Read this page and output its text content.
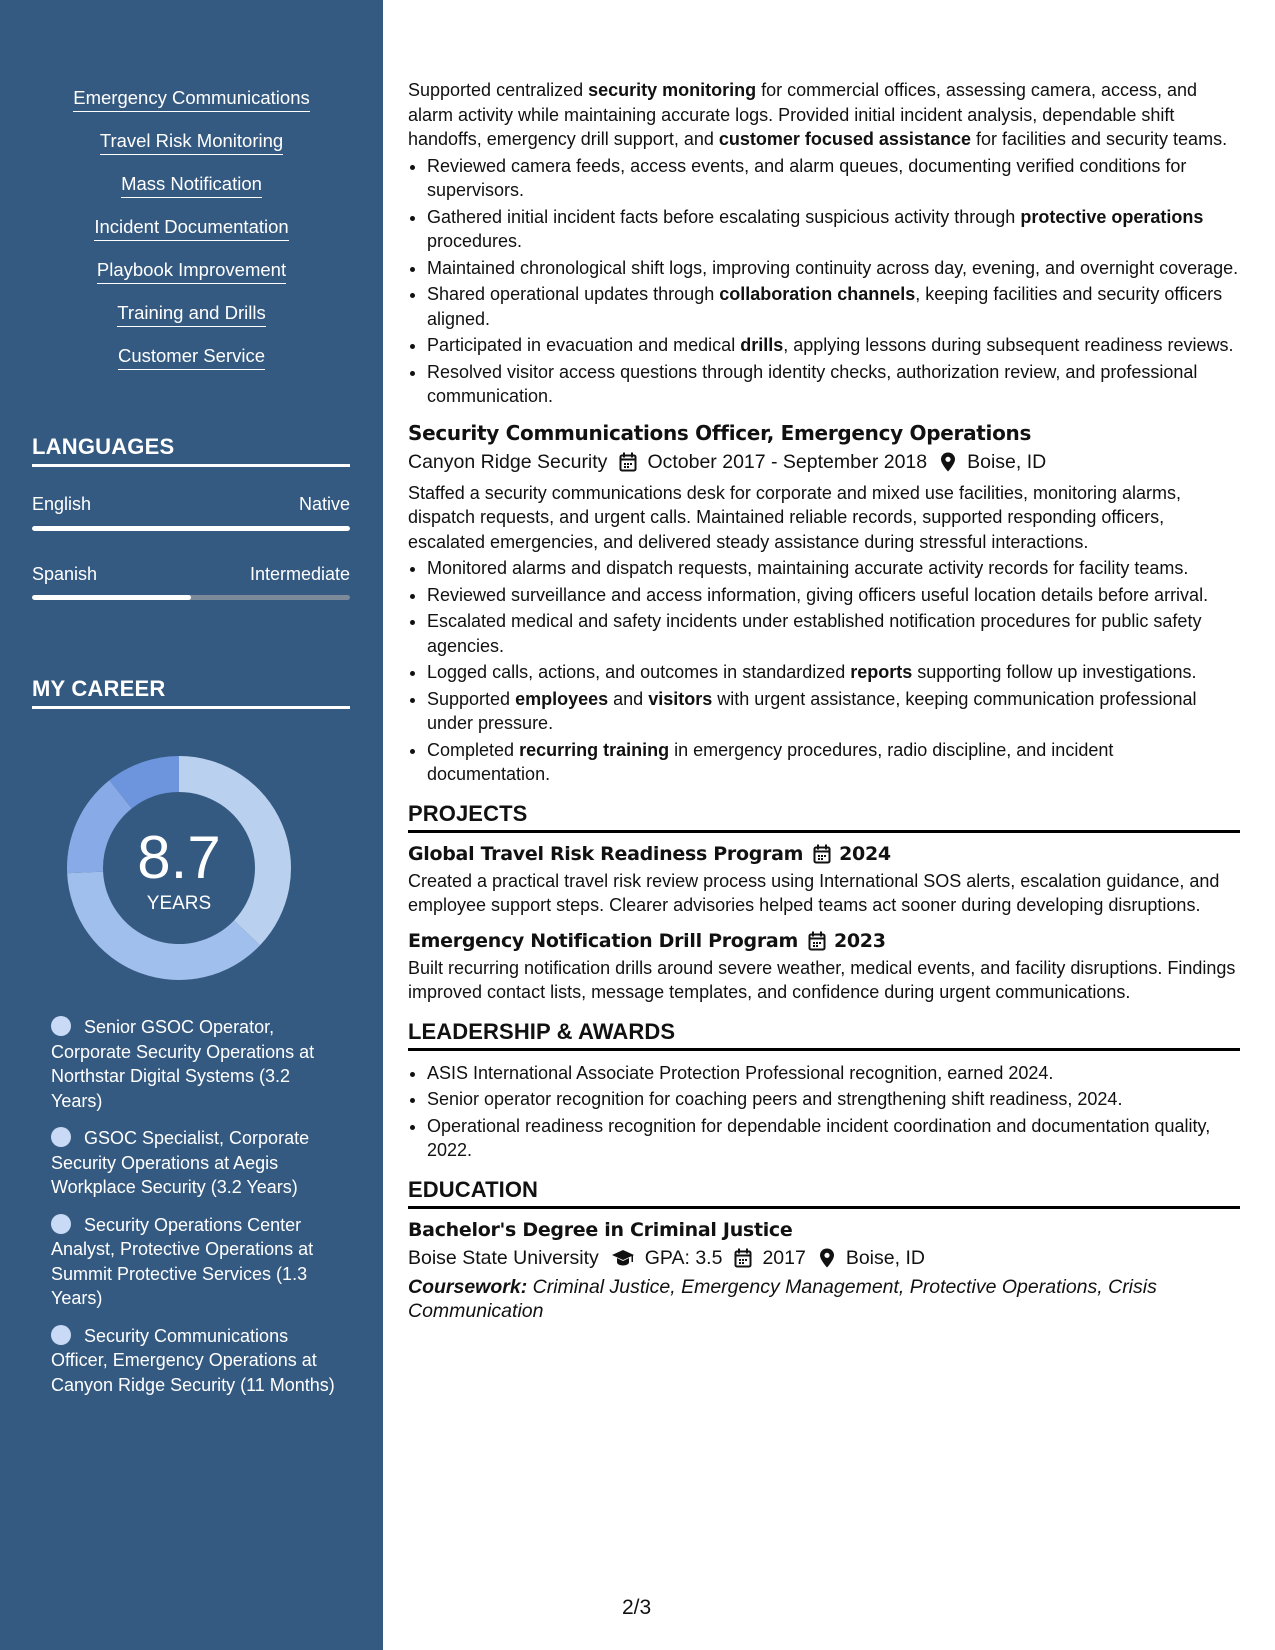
Emergency Communications
Travel Risk Monitoring
Mass Notification
Incident Documentation
Playbook Improvement
Training and Drills
Customer Service
LANGUAGES
English	Native
Spanish	Intermediate
MY CAREER
8.7
YEARS
Senior GSOC Operator, Corporate Security Operations at Northstar Digital Systems (3.2 Years)
GSOC Specialist, Corporate Security Operations at Aegis Workplace Security (3.2 Years)
Security Operations Center Analyst, Protective Operations at Summit Protective Services (1.3 Years)
Security Communications Officer, Emergency Operations at Canyon Ridge Security (11 Months)

Supported centralized security monitoring for commercial offices, assessing camera, access, and alarm activity while maintaining accurate logs. Provided initial incident analysis, dependable shift handoffs, emergency drill support, and customer focused assistance for facilities and security teams.

• Reviewed camera feeds, access events, and alarm queues, documenting verified conditions for supervisors.
• Gathered initial incident facts before escalating suspicious activity through protective operations procedures.
• Maintained chronological shift logs, improving continuity across day, evening, and overnight coverage.
• Shared operational updates through collaboration channels, keeping facilities and security officers aligned.
• Participated in evacuation and medical drills, applying lessons during subsequent readiness reviews.
• Resolved visitor access questions through identity checks, authorization review, and professional communication.
Security Communications Officer, Emergency Operations
Canyon Ridge Security October 2017 - September 2018 Boise, ID

Staffed a security communications desk for corporate and mixed use facilities, monitoring alarms, dispatch requests, and urgent calls. Maintained reliable records, supported responding officers, escalated emergencies, and delivered steady assistance during stressful interactions.

• Monitored alarms and dispatch requests, maintaining accurate activity records for facility teams.
• Reviewed surveillance and access information, giving officers useful location details before arrival.
• Escalated medical and safety incidents under established notification procedures for public safety agencies.
• Logged calls, actions, and outcomes in standardized reports supporting follow up investigations.
• Supported employees and visitors with urgent assistance, keeping communication professional under pressure.
• Completed recurring training in emergency procedures, radio discipline, and incident documentation.
PROJECTS
Global Travel Risk Readiness Program 2024

Created a practical travel risk review process using International SOS alerts, escalation guidance, and employee support steps. Clearer advisories helped teams act sooner during developing disruptions.

Emergency Notification Drill Program 2023

Built recurring notification drills around severe weather, medical events, and facility disruptions. Findings improved contact lists, message templates, and confidence during urgent communications.

LEADERSHIP & AWARDS
• ASIS International Associate Protection Professional recognition, earned 2024.
• Senior operator recognition for coaching peers and strengthening shift readiness, 2024.
• Operational readiness recognition for dependable incident coordination and documentation quality, 2022.
EDUCATION
Bachelor's Degree in Criminal Justice
Boise State University GPA: 3.5 2017 Boise, ID

Coursework: Criminal Justice, Emergency Management, Protective Operations, Crisis Communication

2/3
